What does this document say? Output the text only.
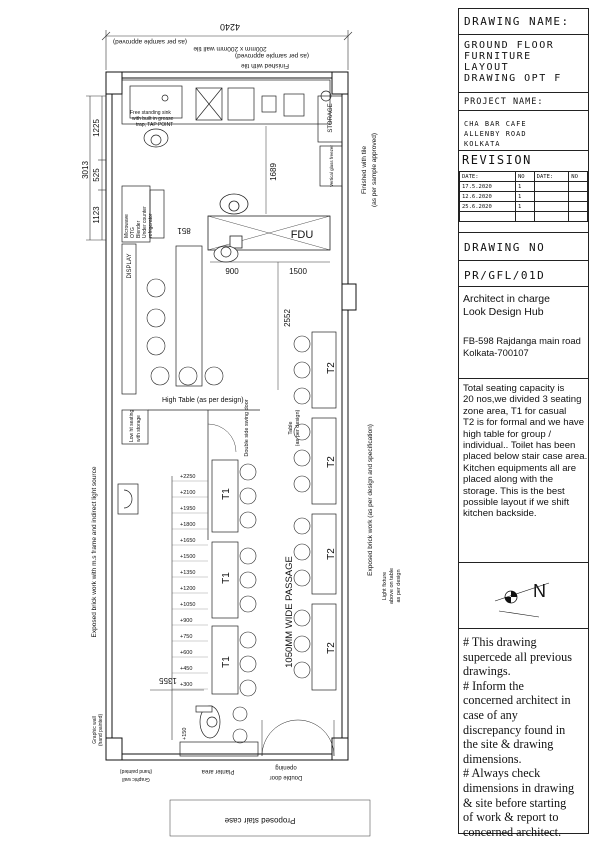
4240
200mm x 200mm wall tile
(as per sample approved)
Finished with tile
(as per sample approved)
Free standing sink
with built in grease
trap, TAP POINT	STORAGE
Vertical glass freezer	Finished with tile (as per sample approved)
3013
1225
525
1123
1689
Microwave OTG Blender Under counter refrigerator	FDU
851
900	1500
DISPLAY
2552
High Table (as per design)
Low ht seating with storage	Double side swing door
+2250
+2100
+1950
+1800
+1650
+1500
+1350
+1200
+1050
+900
+750
+600
+450
+300
+150
T1
T1
T1
T2
T2
T2
T2
Table (as per design)
1050MM WIDE PASSAGE
Exposed brick work (as per design and specification)
Light fixture above on table as per design
Exposed brick work with m.s frame and indirect light source
1355
Graphic wall (hand painted)
Graphic wall
(hand painted)	Planter area
Double door
opening
Proposed stair case
DRAWING NAME:
GROUND FLOOR
FURNITURE
LAYOUT
DRAWING OPT F
PROJECT NAME:
CHA BAR CAFE
ALLENBY ROAD
KOLKATA
REVISION
DATE:	NO	DATE:	NO
17.5.2020	1		
12.6.2020	1		
25.6.2020	1		

DRAWING NO
PR/GFL/01D
Architect in charge
Look Design Hub
FB-598 Rajdanga main road
Kolkata-700107
Total seating capacity is
20 nos,we divided 3 seating
zone area, T1 for casual
T2 is for formal and we have
high table for group /
individual.. Toilet has been
placed below stair case area.
Kitchen equipments all are
placed along with the
storage. This is the best
possible layout if we shift
kitchen backside.
N
# This drawing
supercede all previous
drawings.
# Inform the
concerned architect in
case of any
discrepancy found in
the site & drawing
dimensions.
# Always check
dimensions in drawing
& site before starting
of work & report to
concerned architect.
